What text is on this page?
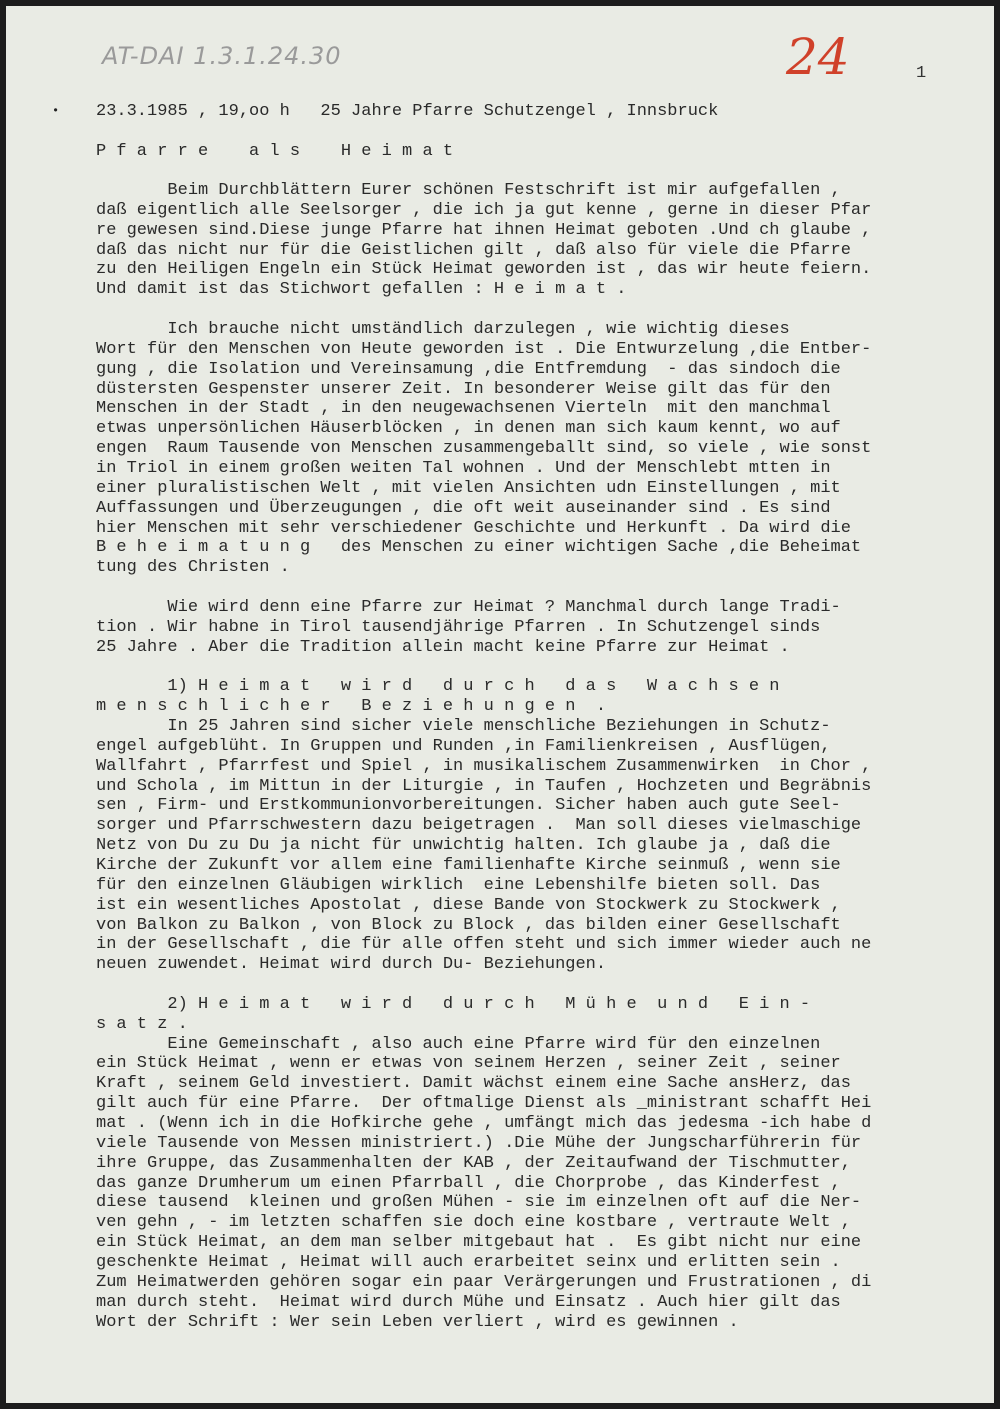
AT-DAI 1.3.1.24.30	24	1
• 23.3.1985 , 19,oo h   25 Jahre Pfarre Schutzengel , Innsbruck
P f a r r e    a l s    H e i m a t
Beim Durchblättern Eurer schönen Festschrift ist mir aufgefallen ,
daß eigentlich alle Seelsorger , die ich ja gut kenne , gerne in dieser Pfar
re gewesen sind.Diese junge Pfarre hat ihnen Heimat geboten .Und ch glaube ,
daß das nicht nur für die Geistlichen gilt , daß also für viele die Pfarre
zu den Heiligen Engeln ein Stück Heimat geworden ist , das wir heute feiern.
Und damit ist das Stichwort gefallen : H e i m a t .
Ich brauche nicht umständlich darzulegen , wie wichtig dieses
Wort für den Menschen von Heute geworden ist . Die Entwurzelung ,die Entber-
gung , die Isolation und Vereinsamung ,die Entfremdung  - das sindoch die
düstersten Gespenster unserer Zeit. In besonderer Weise gilt das für den
Menschen in der Stadt , in den neugewachsenen Vierteln  mit den manchmal
etwas unpersönlichen Häuserblöcken , in denen man sich kaum kennt, wo auf
engen  Raum Tausende von Menschen zusammengeballt sind, so viele , wie sonst
in Triol in einem großen weiten Tal wohnen . Und der Menschlebt mtten in
einer pluralistischen Welt , mit vielen Ansichten udn Einstellungen , mit
Auffassungen und Überzeugungen , die oft weit auseinander sind . Es sind
hier Menschen mit sehr verschiedener Geschichte und Herkunft . Da wird die
B e h e i m a t u n g   des Menschen zu einer wichtigen Sache ,die Beheimat
tung des Christen .
Wie wird denn eine Pfarre zur Heimat ? Manchmal durch lange Tradi-
tion . Wir habne in Tirol tausendjährige Pfarren . In Schutzengel sinds
25 Jahre . Aber die Tradition allein macht keine Pfarre zur Heimat .
1) H e i m a t   w i r d   d u r c h   d a s   W a c h s e n
m e n s c h l i c h e r   B e z i e h u n g e n  .
In 25 Jahren sind sicher viele menschliche Beziehungen in Schutz-
engel aufgeblüht. In Gruppen und Runden ,in Familienkreisen , Ausflügen,
Wallfahrt , Pfarrfest und Spiel , in musikalischem Zusammenwirken  in Chor ,
und Schola , im Mittun in der Liturgie , in Taufen , Hochzeten und Begräbnis
sen , Firm- und Erstkommunionvorbereitungen. Sicher haben auch gute Seel-
sorger und Pfarrschwestern dazu beigetragen .  Man soll dieses vielmaschige
Netz von Du zu Du ja nicht für unwichtig halten. Ich glaube ja , daß die
Kirche der Zukunft vor allem eine familienhafte Kirche seinmuß , wenn sie
für den einzelnen Gläubigen wirklich  eine Lebenshilfe bieten soll. Das
ist ein wesentliches Apostolat , diese Bande von Stockwerk zu Stockwerk ,
von Balkon zu Balkon , von Block zu Block , das bilden einer Gesellschaft
in der Gesellschaft , die für alle offen steht und sich immer wieder auch ne
neuen zuwendet. Heimat wird durch Du- Beziehungen.
2) H e i m a t   w i r d   d u r c h   M ü h e  u n d   E i n -
s a t z .
Eine Gemeinschaft , also auch eine Pfarre wird für den einzelnen
ein Stück Heimat , wenn er etwas von seinem Herzen , seiner Zeit , seiner
Kraft , seinem Geld investiert. Damit wächst einem eine Sache ansHerz, das
gilt auch für eine Pfarre.  Der oftmalige Dienst als _ministrant schafft Hei
mat . (Wenn ich in die Hofkirche gehe , umfängt mich das jedesma -ich habe d
viele Tausende von Messen ministriert.) .Die Mühe der Jungscharführerin für
ihre Gruppe, das Zusammenhalten der KAB , der Zeitaufwand der Tischmutter,
das ganze Drumherum um einen Pfarrball , die Chorprobe , das Kinderfest ,
diese tausend  kleinen und großen Mühen - sie im einzelnen oft auf die Ner-
ven gehn , - im letzten schaffen sie doch eine kostbare , vertraute Welt ,
ein Stück Heimat, an dem man selber mitgebaut hat .  Es gibt nicht nur eine
geschenkte Heimat , Heimat will auch erarbeitet seinx und erlitten sein .
Zum Heimatwerden gehören sogar ein paar Verärgerungen und Frustrationen , di
man durch steht.  Heimat wird durch Mühe und Einsatz . Auch hier gilt das
Wort der Schrift : Wer sein Leben verliert , wird es gewinnen .
